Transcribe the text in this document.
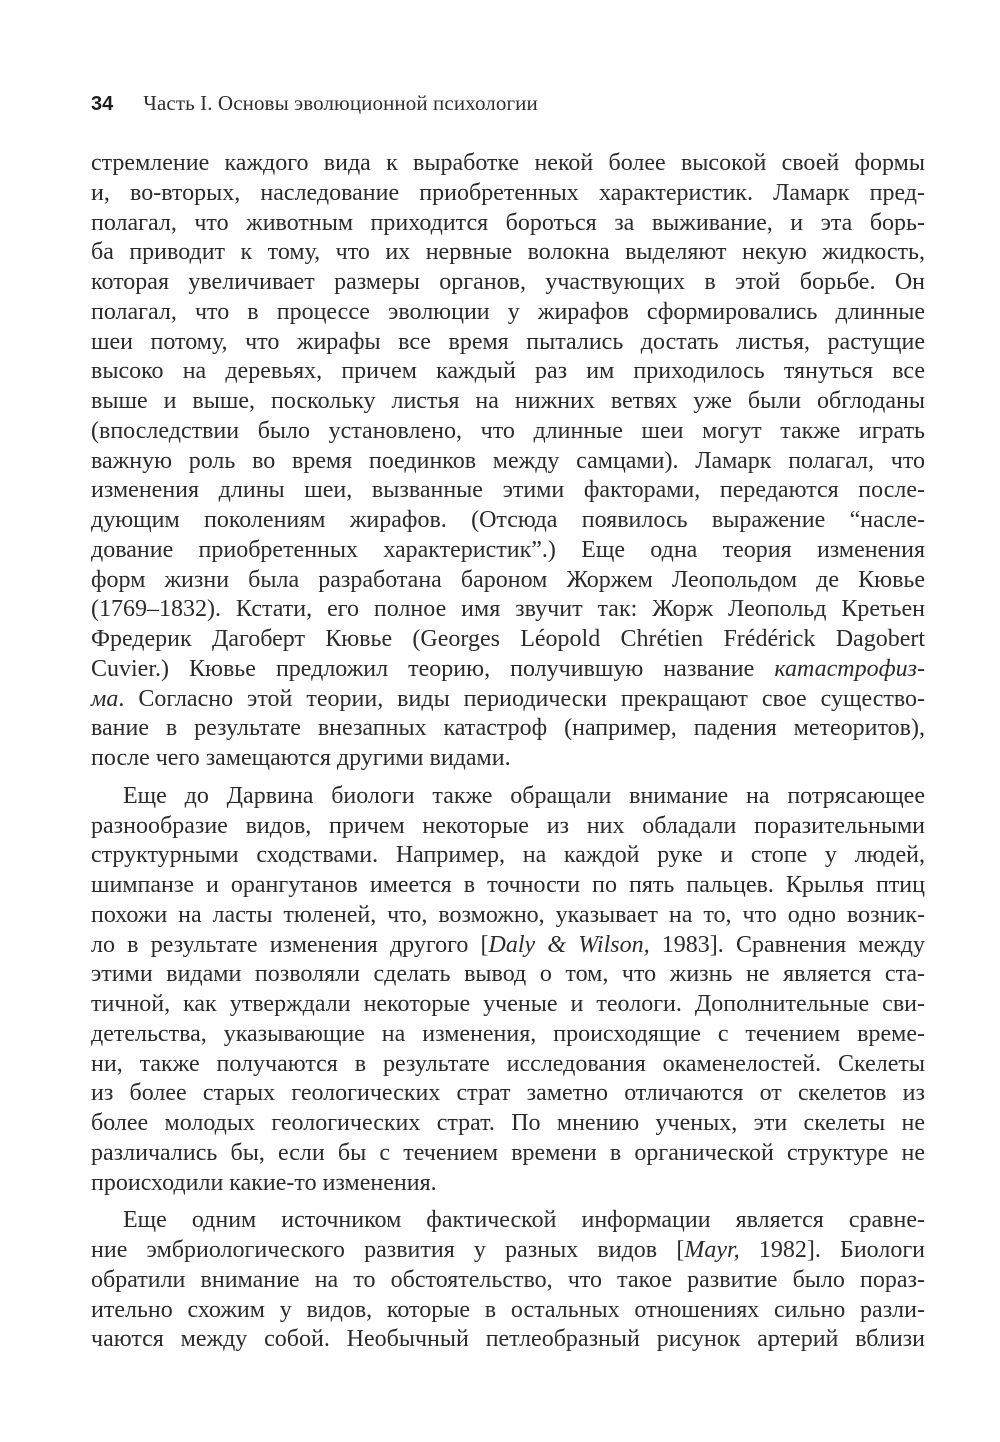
34 Часть I. Основы эволюционной психологии
стремление каждого вида к выработке некой более высокой своей формы
и, во-вторых, наследование приобретенных характеристик. Ламарк пред-
полагал, что животным приходится бороться за выживание, и эта борь-
ба приводит к тому, что их нервные волокна выделяют некую жидкость,
которая увеличивает размеры органов, участвующих в этой борьбе. Он
полагал, что в процессе эволюции у жирафов сформировались длинные
шеи потому, что жирафы все время пытались достать листья, растущие
высоко на деревьях, причем каждый раз им приходилось тянуться все
выше и выше, поскольку листья на нижних ветвях уже были обглоданы
(впоследствии было установлено, что длинные шеи могут также играть
важную роль во время поединков между самцами). Ламарк полагал, что
изменения длины шеи, вызванные этими факторами, передаются после-
дующим поколениям жирафов. (Отсюда появилось выражение “наслe-
дование приобретенных характеристик”.) Еще одна теория изменения
форм жизни была разработана бароном Жоржем Леопольдом де Кювье
(1769–1832). Кстати, его полное имя звучит так: Жорж Леопольд Кретьен
Фредерик Дагоберт Кювье (Georges Léopold Chrétien Frédérick Dagobert
Cuvier.) Кювье предложил теорию, получившую название катастрофиз-
ма. Согласно этой теории, виды периодически прекращают свое существо-
вание в результате внезапных катастроф (например, падения метеоритов),
после чего замещаются другими видами.
Еще до Дарвина биологи также обращали внимание на потрясающее
разнообразие видов, причем некоторые из них обладали поразительными
структурными сходствами. Например, на каждой руке и стопе у людей,
шимпанзе и орангутанов имеется в точности по пять пальцев. Крылья птиц
похожи на ласты тюленей, что, возможно, указывает на то, что одно возник-
ло в результате изменения другого [Daly & Wilson, 1983]. Сравнения между
этими видами позволяли сделать вывод о том, что жизнь не является ста-
тичной, как утверждали некоторые ученые и теологи. Дополнительные сви-
детельства, указывающие на изменения, происходящие с течением време-
ни, также получаются в результате исследования окаменелостей. Скелеты
из более старых геологических страт заметно отличаются от скелетов из
более молодых геологических страт. По мнению ученых, эти скелеты не
различались бы, если бы с течением времени в органической структуре не
происходили какие-то изменения.
Еще одним источником фактической информации является сравне-
ние эмбриологического развития у разных видов [Mayr, 1982]. Биологи
обратили внимание на то обстоятельство, что такое развитие было пораз-
ительно схожим у видов, которые в остальных отношениях сильно разли-
чаются между собой. Необычный петлеобразный рисунок артерий вблизи
